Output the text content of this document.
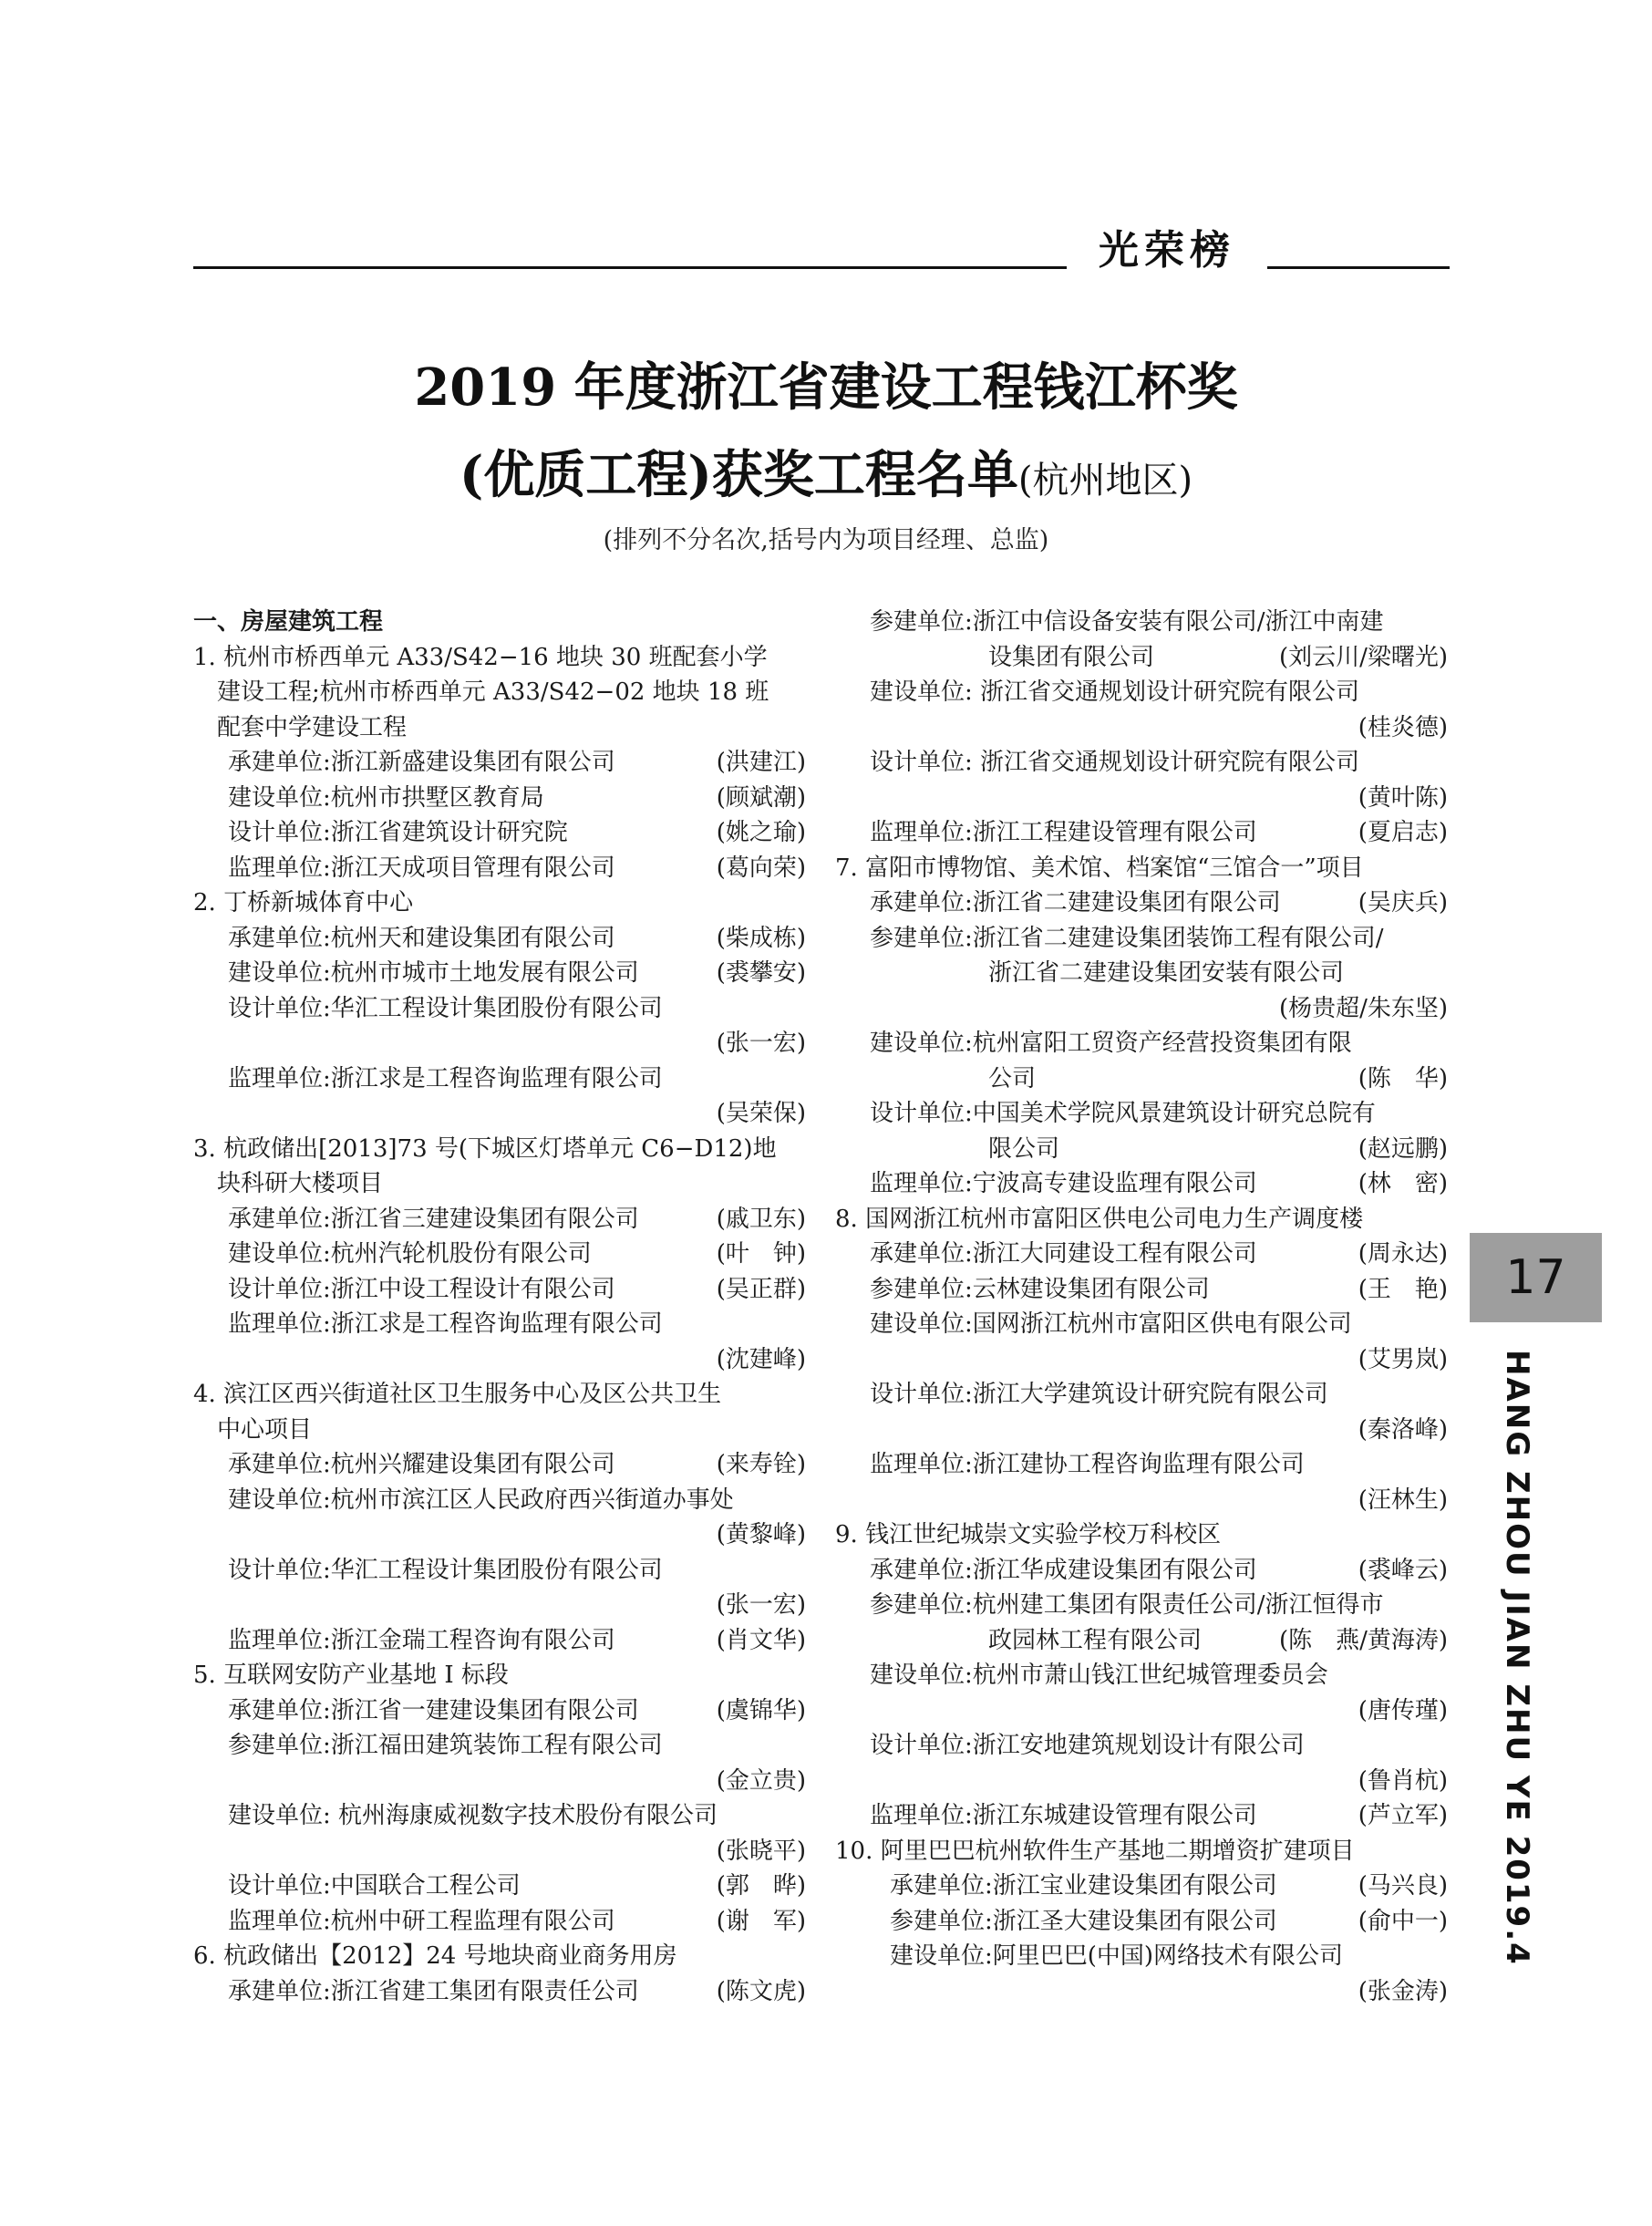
光荣榜
2019 年度浙江省建设工程钱江杯奖
(优质工程)获奖工程名单(杭州地区)
(排列不分名次,括号内为项目经理、总监)
一、房屋建筑工程
1. 杭州市桥西单元 A33/S42−16 地块 30 班配套小学
建设工程;杭州市桥西单元 A33/S42−02 地块 18 班
配套中学建设工程
承建单位:浙江新盛建设集团有限公司	(洪建江)
建设单位:杭州市拱墅区教育局	(顾斌潮)
设计单位:浙江省建筑设计研究院	(姚之瑜)
监理单位:浙江天成项目管理有限公司	(葛向荣)
2. 丁桥新城体育中心
承建单位:杭州天和建设集团有限公司	(柴成栋)
建设单位:杭州市城市土地发展有限公司	(裘攀安)
设计单位:华汇工程设计集团股份有限公司
(张一宏)
监理单位:浙江求是工程咨询监理有限公司
(吴荣保)
3. 杭政储出[2013]73 号(下城区灯塔单元 C6−D12)地
块科研大楼项目
承建单位:浙江省三建建设集团有限公司	(戚卫东)
建设单位:杭州汽轮机股份有限公司	(叶　钟)
设计单位:浙江中设工程设计有限公司	(吴正群)
监理单位:浙江求是工程咨询监理有限公司
(沈建峰)
4. 滨江区西兴街道社区卫生服务中心及区公共卫生
中心项目
承建单位:杭州兴耀建设集团有限公司	(来寿铨)
建设单位:杭州市滨江区人民政府西兴街道办事处
(黄黎峰)
设计单位:华汇工程设计集团股份有限公司
(张一宏)
监理单位:浙江金瑞工程咨询有限公司	(肖文华)
5. 互联网安防产业基地 I 标段
承建单位:浙江省一建建设集团有限公司	(虞锦华)
参建单位:浙江福田建筑装饰工程有限公司
(金立贵)
建设单位: 杭州海康威视数字技术股份有限公司
(张晓平)
设计单位:中国联合工程公司	(郭　晔)
监理单位:杭州中研工程监理有限公司	(谢　军)
6. 杭政储出【2012】24 号地块商业商务用房
承建单位:浙江省建工集团有限责任公司	(陈文虎)
参建单位:浙江中信设备安装有限公司/浙江中南建
设集团有限公司	(刘云川/梁曙光)
建设单位: 浙江省交通规划设计研究院有限公司
(桂炎德)
设计单位: 浙江省交通规划设计研究院有限公司
(黄叶陈)
监理单位:浙江工程建设管理有限公司	(夏启志)
7. 富阳市博物馆、美术馆、档案馆“三馆合一”项目
承建单位:浙江省二建建设集团有限公司	(吴庆兵)
参建单位:浙江省二建建设集团装饰工程有限公司/
浙江省二建建设集团安装有限公司
(杨贵超/朱东坚)
建设单位:杭州富阳工贸资产经营投资集团有限
公司	(陈　华)
设计单位:中国美术学院风景建筑设计研究总院有
限公司	(赵远鹏)
监理单位:宁波高专建设监理有限公司	(林　密)
8. 国网浙江杭州市富阳区供电公司电力生产调度楼
承建单位:浙江大同建设工程有限公司	(周永达)
参建单位:云林建设集团有限公司	(王　艳)
建设单位:国网浙江杭州市富阳区供电有限公司
(艾男岚)
设计单位:浙江大学建筑设计研究院有限公司
(秦洛峰)
监理单位:浙江建协工程咨询监理有限公司
(汪林生)
9. 钱江世纪城崇文实验学校万科校区
承建单位:浙江华成建设集团有限公司	(裘峰云)
参建单位:杭州建工集团有限责任公司/浙江恒得市
政园林工程有限公司	(陈　燕/黄海涛)
建设单位:杭州市萧山钱江世纪城管理委员会
(唐传瑾)
设计单位:浙江安地建筑规划设计有限公司
(鲁肖杭)
监理单位:浙江东城建设管理有限公司	(芦立军)
10. 阿里巴巴杭州软件生产基地二期增资扩建项目
承建单位:浙江宝业建设集团有限公司	(马兴良)
参建单位:浙江圣大建设集团有限公司	(俞中一)
建设单位:阿里巴巴(中国)网络技术有限公司
(张金涛)
17
HANG ZHOU JIAN ZHU YE 2019.4
